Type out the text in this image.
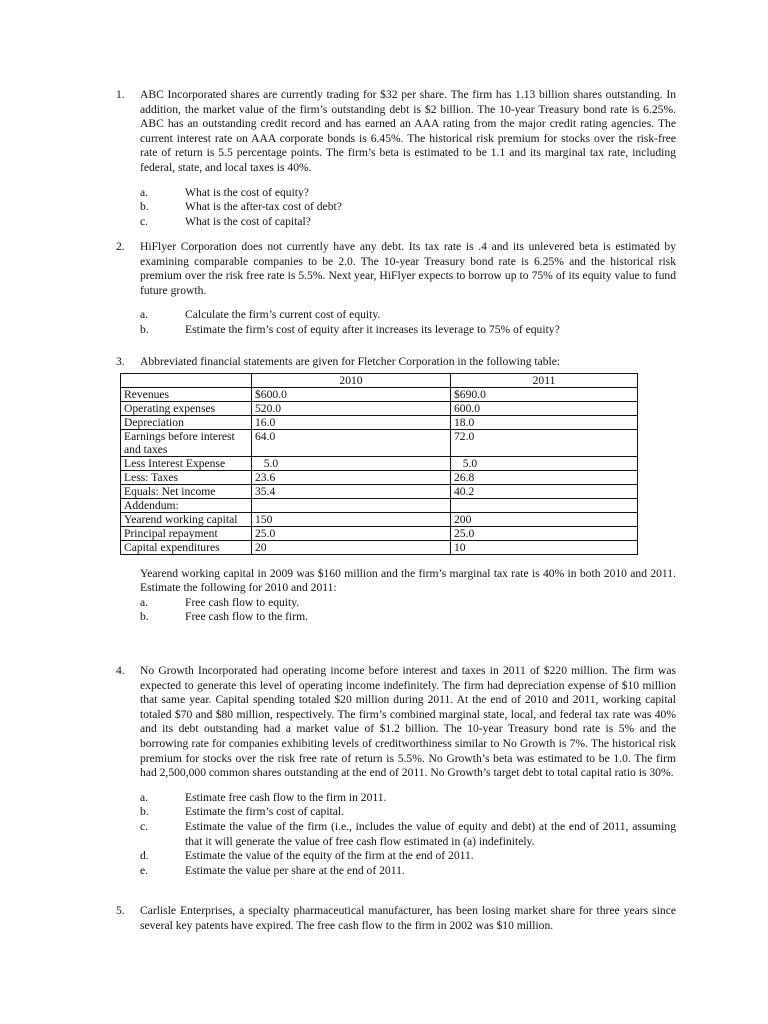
1. ABC Incorporated shares are currently trading for $32 per share. The firm has 1.13 billion shares outstanding. In addition, the market value of the firm’s outstanding debt is $2 billion. The 10-year Treasury bond rate is 6.25%. ABC has an outstanding credit record and has earned an AAA rating from the major credit rating agencies. The current interest rate on AAA corporate bonds is 6.45%. The historical risk premium for stocks over the risk-free rate of return is 5.5 percentage points. The firm’s beta is estimated to be 1.1 and its marginal tax rate, including federal, state, and local taxes is 40%.

a.	What is the cost of equity?
b.	What is the after-tax cost of debt?
c.	What is the cost of capital?
2. HiFlyer Corporation does not currently have any debt. Its tax rate is .4 and its unlevered beta is estimated by examining comparable companies to be 2.0. The 10-year Treasury bond rate is 6.25% and the historical risk premium over the risk free rate is 5.5%. Next year, HiFlyer expects to borrow up to 75% of its equity value to fund future growth.

a.	Calculate the firm’s current cost of equity.
b.	Estimate the firm’s cost of equity after it increases its leverage to 75% of equity?
3. Abbreviated financial statements are given for Fletcher Corporation in the following table:

	2010	2011
Revenues	$600.0	$690.0
Operating expenses	520.0	600.0
Depreciation	16.0	18.0
Earnings before interest and taxes	64.0	72.0
Less Interest Expense	5.0	5.0
Less: Taxes	23.6	26.8
Equals: Net income	35.4	40.2
Addendum:		
Yearend working capital	150	200
Principal repayment	25.0	25.0
Capital expenditures	20	10

Yearend working capital in 2009 was $160 million and the firm’s marginal tax rate is 40% in both 2010 and 2011. Estimate the following for 2010 and 2011:

a.	Free cash flow to equity.
b.	Free cash flow to the firm.
4. No Growth Incorporated had operating income before interest and taxes in 2011 of $220 million. The firm was expected to generate this level of operating income indefinitely. The firm had depreciation expense of $10 million that same year. Capital spending totaled $20 million during 2011. At the end of 2010 and 2011, working capital totaled $70 and $80 million, respectively. The firm’s combined marginal state, local, and federal tax rate was 40% and its debt outstanding had a market value of $1.2 billion. The 10-year Treasury bond rate is 5% and the borrowing rate for companies exhibiting levels of creditworthiness similar to No Growth is 7%. The historical risk premium for stocks over the risk free rate of return is 5.5%. No Growth’s beta was estimated to be 1.0. The firm had 2,500,000 common shares outstanding at the end of 2011. No Growth’s target debt to total capital ratio is 30%.

a.	Estimate free cash flow to the firm in 2011.
b.	Estimate the firm’s cost of capital.
c.	Estimate the value of the firm (i.e., includes the value of equity and debt) at the end of 2011, assuming that it will generate the value of free cash flow estimated in (a) indefinitely.
d.	Estimate the value of the equity of the firm at the end of 2011.
e.	Estimate the value per share at the end of 2011.
5. Carlisle Enterprises, a specialty pharmaceutical manufacturer, has been losing market share for three years since several key patents have expired. The free cash flow to the firm in 2002 was $10 million.
